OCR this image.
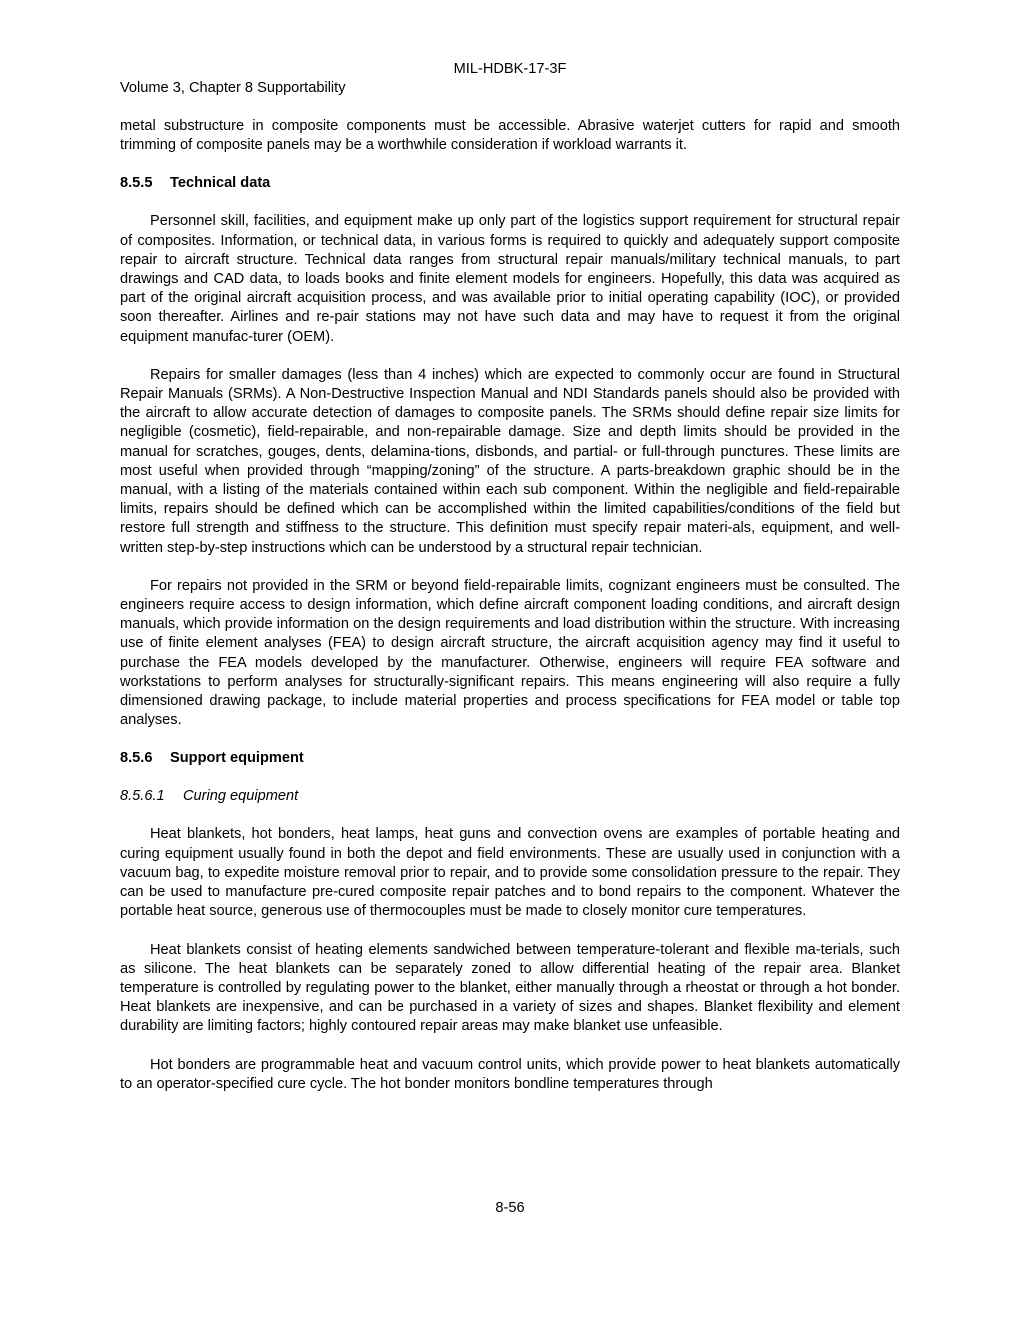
MIL-HDBK-17-3F
Volume 3, Chapter 8 Supportability

metal substructure in composite components must be accessible. Abrasive waterjet cutters for rapid and smooth trimming of composite panels may be a worthwhile consideration if workload warrants it.

8.5.5 Technical data

Personnel skill, facilities, and equipment make up only part of the logistics support requirement for structural repair of composites. Information, or technical data, in various forms is required to quickly and adequately support composite repair to aircraft structure. Technical data ranges from structural repair manuals/military technical manuals, to part drawings and CAD data, to loads books and finite element models for engineers. Hopefully, this data was acquired as part of the original aircraft acquisition process, and was available prior to initial operating capability (IOC), or provided soon thereafter. Airlines and re-pair stations may not have such data and may have to request it from the original equipment manufac-turer (OEM).

Repairs for smaller damages (less than 4 inches) which are expected to commonly occur are found in Structural Repair Manuals (SRMs). A Non-Destructive Inspection Manual and NDI Standards panels should also be provided with the aircraft to allow accurate detection of damages to composite panels. The SRMs should define repair size limits for negligible (cosmetic), field-repairable, and non-repairable damage. Size and depth limits should be provided in the manual for scratches, gouges, dents, delamina-tions, disbonds, and partial- or full-through punctures. These limits are most useful when provided through “mapping/zoning” of the structure. A parts-breakdown graphic should be in the manual, with a listing of the materials contained within each sub component. Within the negligible and field-repairable limits, repairs should be defined which can be accomplished within the limited capabilities/conditions of the field but restore full strength and stiffness to the structure. This definition must specify repair materi-als, equipment, and well-written step-by-step instructions which can be understood by a structural repair technician.

For repairs not provided in the SRM or beyond field-repairable limits, cognizant engineers must be consulted. The engineers require access to design information, which define aircraft component loading conditions, and aircraft design manuals, which provide information on the design requirements and load distribution within the structure. With increasing use of finite element analyses (FEA) to design aircraft structure, the aircraft acquisition agency may find it useful to purchase the FEA models developed by the manufacturer. Otherwise, engineers will require FEA software and workstations to perform analyses for structurally-significant repairs. This means engineering will also require a fully dimensioned drawing package, to include material properties and process specifications for FEA model or table top analyses.

8.5.6 Support equipment
8.5.6.1 Curing equipment

Heat blankets, hot bonders, heat lamps, heat guns and convection ovens are examples of portable heating and curing equipment usually found in both the depot and field environments. These are usually used in conjunction with a vacuum bag, to expedite moisture removal prior to repair, and to provide some consolidation pressure to the repair. They can be used to manufacture pre-cured composite repair patches and to bond repairs to the component. Whatever the portable heat source, generous use of thermocouples must be made to closely monitor cure temperatures.

Heat blankets consist of heating elements sandwiched between temperature-tolerant and flexible ma-terials, such as silicone. The heat blankets can be separately zoned to allow differential heating of the repair area. Blanket temperature is controlled by regulating power to the blanket, either manually through a rheostat or through a hot bonder. Heat blankets are inexpensive, and can be purchased in a variety of sizes and shapes. Blanket flexibility and element durability are limiting factors; highly contoured repair areas may make blanket use unfeasible.

Hot bonders are programmable heat and vacuum control units, which provide power to heat blankets automatically to an operator-specified cure cycle. The hot bonder monitors bondline temperatures through

8-56
